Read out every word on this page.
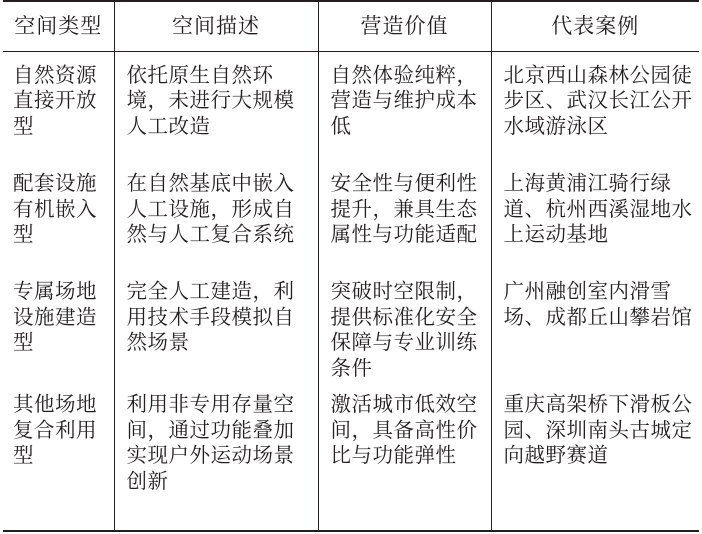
空间类型	空间描述	营造价值	代表案例
自然资源直接开放型	依托原生自然环境，未进行大规模人工改造	自然体验纯粹，营造与维护成本低	北京西山森林公园徒步区、武汉长江公开水域游泳区
配套设施有机嵌入型	在自然基底中嵌入人工设施，形成自然与人工复合系统	安全性与便利性提升，兼具生态属性与功能适配	上海黄浦江骑行绿道、杭州西溪湿地水上运动基地
专属场地设施建造型	完全人工建造，利用技术手段模拟自然场景	突破时空限制，提供标准化安全保障与专业训练条件	广州融创室内滑雪场、成都丘山攀岩馆
其他场地复合利用型	利用非专用存量空间，通过功能叠加实现户外运动场景创新	激活城市低效空间，具备高性价比与功能弹性	重庆高架桥下滑板公园、深圳南头古城定向越野赛道
